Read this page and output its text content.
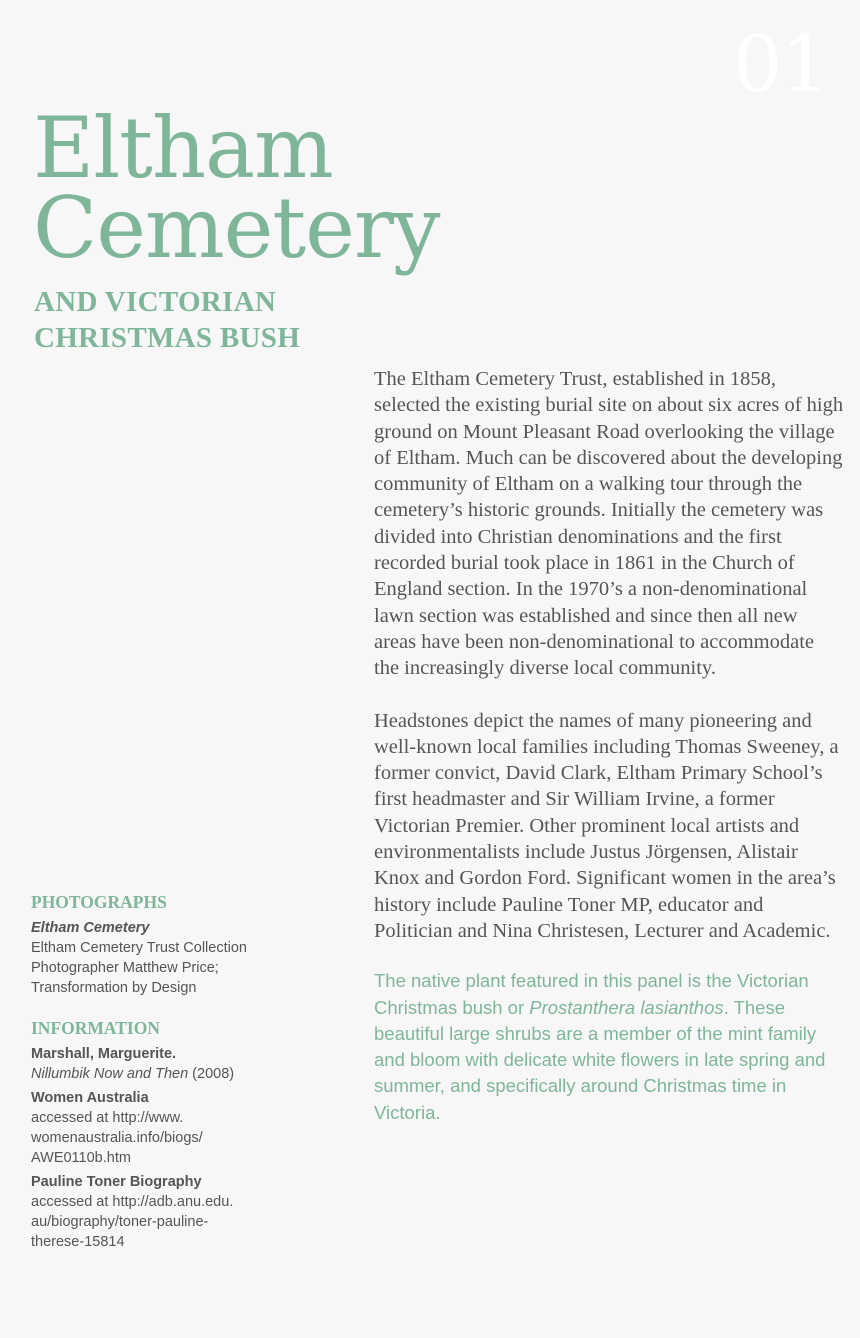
01
Eltham
Cemetery
AND VICTORIAN
CHRISTMAS BUSH

The Eltham Cemetery Trust, established in 1858, selected the existing burial site on about six acres of high ground on Mount Pleasant Road overlooking the village of Eltham. Much can be discovered about the developing community of Eltham on a walking tour through the cemetery’s historic grounds. Initially the cemetery was divided into Christian denominations and the first recorded burial took place in 1861 in the Church of England section. In the 1970’s a non-denominational lawn section was established and since then all new areas have been non-denominational to accommodate the increasingly diverse local community.

Headstones depict the names of many pioneering and well-known local families including Thomas Sweeney, a former convict, David Clark, Eltham Primary School’s first headmaster and Sir William Irvine, a former Victorian Premier. Other prominent local artists and environmentalists include Justus Jörgensen, Alistair Knox and Gordon Ford. Significant women in the area’s history include Pauline Toner MP, educator and Politician and Nina Christesen, Lecturer and Academic.

The native plant featured in this panel is the Victorian Christmas bush or Prostanthera lasianthos. These beautiful large shrubs are a member of the mint family and bloom with delicate white flowers in late spring and summer, and specifically around Christmas time in Victoria.

PHOTOGRAPHS
Eltham Cemetery
Eltham Cemetery Trust Collection
Photographer Matthew Price;
Transformation by Design
INFORMATION
Marshall, Marguerite.
Nillumbik Now and Then (2008)
Women Australia
accessed at http://www.
womenaustralia.info/biogs/
AWE0110b.htm
Pauline Toner Biography
accessed at http://adb.anu.edu.
au/biography/toner-pauline-
therese-15814
